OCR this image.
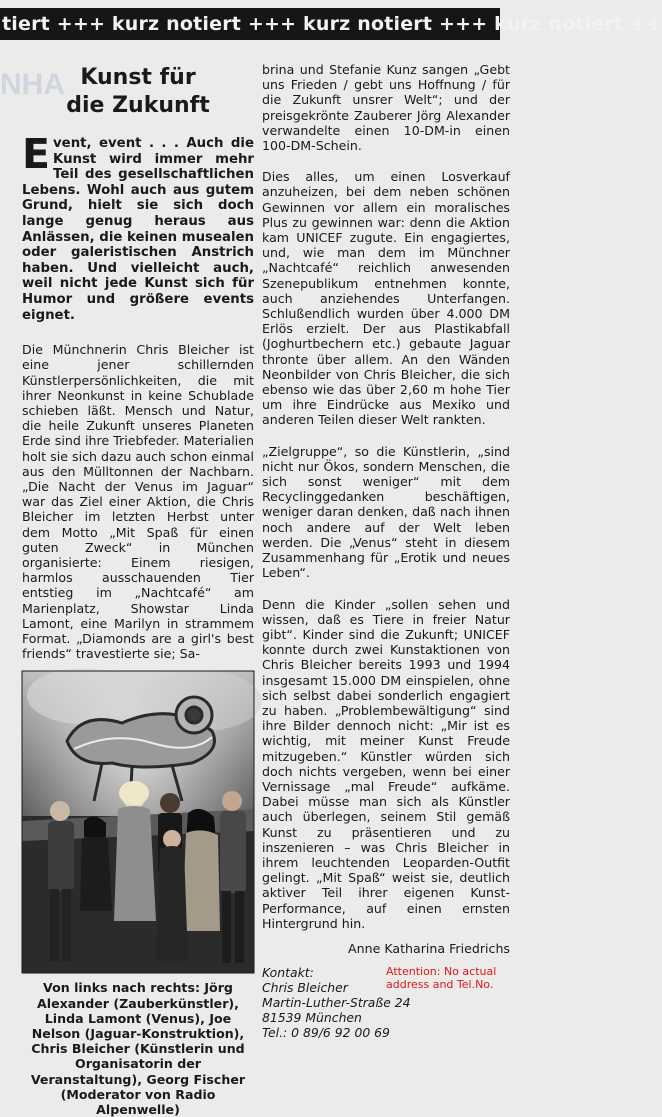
tiert +++ kurz notiert +++ kurz notiert +++ kurz notiert ++
NHA Kunst für
die Zukunft

Event, event . . . Auch die Kunst wird immer mehr Teil des gesellschaftlichen Lebens. Wohl auch aus gutem Grund, hielt sie sich doch lange genug heraus aus Anlässen, die keinen musealen oder galeristischen Anstrich haben. Und vielleicht auch, weil nicht jede Kunst sich für Humor und größere events eignet.

Die Münchnerin Chris Bleicher ist eine jener schillernden Künstlerpersönlichkeiten, die mit ihrer Neonkunst in keine Schublade schieben läßt. Mensch und Natur, die heile Zukunft unseres Planeten Erde sind ihre Triebfeder. Materialien holt sie sich dazu auch schon einmal aus den Mülltonnen der Nachbarn. „Die Nacht der Venus im Jaguar“ war das Ziel einer Aktion, die Chris Bleicher im letzten Herbst unter dem Motto „Mit Spaß für einen guten Zweck“ in München organisierte: Einem riesigen, harmlos ausschauenden Tier entstieg im „Nachtcafé“ am Marienplatz, Showstar Linda Lamont, eine Marilyn in strammem Format. „Diamonds are a girl's best friends“ travestierte sie; Sa-

Von links nach rechts: Jörg Alexander (Zauberkünstler), Linda Lamont (Venus), Joe Nelson (Jaguar-Konstruktion), Chris Bleicher (Künstlerin und Organisatorin der Veranstaltung), Georg Fischer (Moderator von Radio Alpenwelle)

brina und Stefanie Kunz sangen „Gebt uns Frieden / gebt uns Hoffnung / für die Zukunft unsrer Welt“; und der preisgekrönte Zauberer Jörg Alexander verwandelte einen 10-DM-in einen 100-DM-Schein.

Dies alles, um einen Losverkauf anzuheizen, bei dem neben schönen Gewinnen vor allem ein moralisches Plus zu gewinnen war: denn die Aktion kam UNICEF zugute. Ein engagiertes, und, wie man dem im Münchner „Nachtcafé“ reichlich anwesenden Szenepublikum entnehmen konnte, auch anziehendes Unterfangen. Schlußendlich wurden über 4.000 DM Erlös erzielt. Der aus Plastikabfall (Joghurtbechern etc.) gebaute Jaguar thronte über allem. An den Wänden Neonbilder von Chris Bleicher, die sich ebenso wie das über 2,60 m hohe Tier um ihre Eindrücke aus Mexiko und anderen Teilen dieser Welt rankten.

„Zielgruppe“, so die Künstlerin, „sind nicht nur Ökos, sondern Menschen, die sich sonst weniger“ mit dem Recyclinggedanken beschäftigen, weniger daran denken, daß nach ihnen noch andere auf der Welt leben werden. Die „Venus“ steht in diesem Zusammenhang für „Erotik und neues Leben“.

Denn die Kinder „sollen sehen und wissen, daß es Tiere in freier Natur gibt“. Kinder sind die Zukunft; UNICEF konnte durch zwei Kunstaktionen von Chris Bleicher bereits 1993 und 1994 insgesamt 15.000 DM einspielen, ohne sich selbst dabei sonderlich engagiert zu haben. „Problembewältigung“ sind ihre Bilder dennoch nicht: „Mir ist es wichtig, mit meiner Kunst Freude mitzugeben.“ Künstler würden sich doch nichts vergeben, wenn bei einer Vernissage „mal Freude“ aufkäme. Dabei müsse man sich als Künstler auch überlegen, seinem Stil gemäß Kunst zu präsentieren und zu inszenieren – was Chris Bleicher in ihrem leuchtenden Leoparden-Outfit gelingt. „Mit Spaß“ weist sie, deutlich aktiver Teil ihrer eigenen Kunst-Performance, auf einen ernsten Hintergrund hin.

Anne Katharina Friedrichs

Kontakt:
Chris Bleicher
Martin-Luther-Straße 24
81539 München
Tel.: 0 89/6 92 00 69
Attention: No actual address and Tel.No.
